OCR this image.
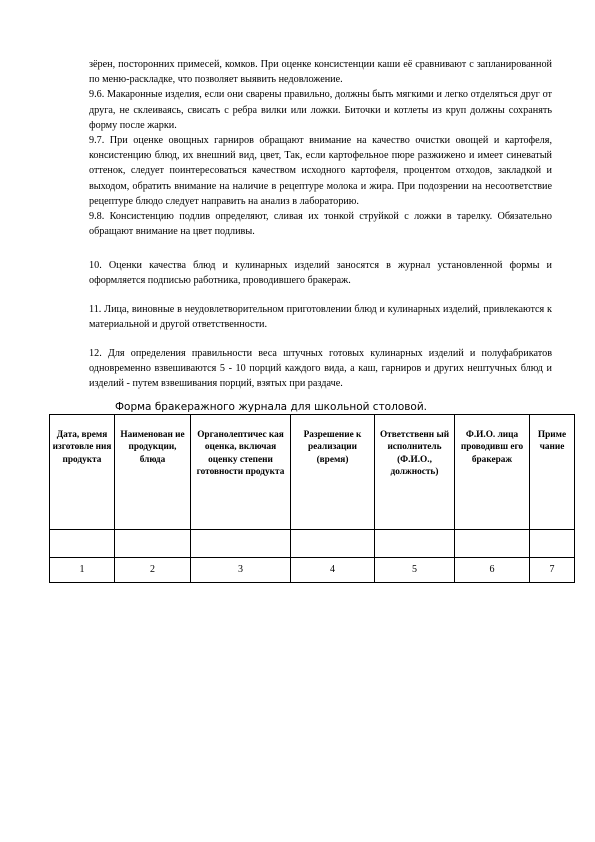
зёрен, посторонних примесей, комков. При оценке консистенции каши её сравнивают с запланированной по меню-раскладке, что позволяет выявить недовложение.

9.6. Макаронные изделия, если они сварены правильно, должны быть мягкими и легко отделяться друг от друга, не склеиваясь, свисать с ребра вилки или ложки. Биточки и котлеты из круп должны сохранять форму после жарки.

9.7. При оценке овощных гарниров обращают внимание на качество очистки овощей и картофеля, консистенцию блюд, их внешний вид, цвет, Так, если картофельное пюре разжижено и имеет синеватый оттенок, следует поинтересоваться качеством исходного картофеля, процентом отходов, закладкой и выходом, обратить внимание на наличие в рецептуре молока и жира. При подозрении на несоответствие рецептуре блюдо следует направить на анализ в лабораторию.

9.8. Консистенцию подлив определяют, сливая их тонкой струйкой с ложки в тарелку. Обязательно обращают внимание на цвет подливы.

10. Оценки качества блюд и кулинарных изделий заносятся в журнал установленной формы и оформляется подписью работника, проводившего бракераж.

11. Лица, виновные в неудовлетворительном приготовлении блюд и кулинарных изделий, привлекаются к материальной и другой ответственности.

12. Для определения правильности веса штучных готовых кулинарных изделий и полуфабрикатов одновременно взвешиваются 5 - 10 порций каждого вида, а каш, гарниров и других нештучных блюд и изделий - путем взвешивания порций, взятых при раздаче.

Форма бракеражного журнала для школьной столовой.
Дата, время изготовле ния продукта	Наименован ие продукции, блюда	Органолептичес кая оценка, включая оценку степени готовности продукта	Разрешение к реализации (время)	Ответственн ый исполнитель (Ф.И.О., должность)	Ф.И.О. лица проводивш его бракераж	Приме чание

1	2	3	4	5	6	7
